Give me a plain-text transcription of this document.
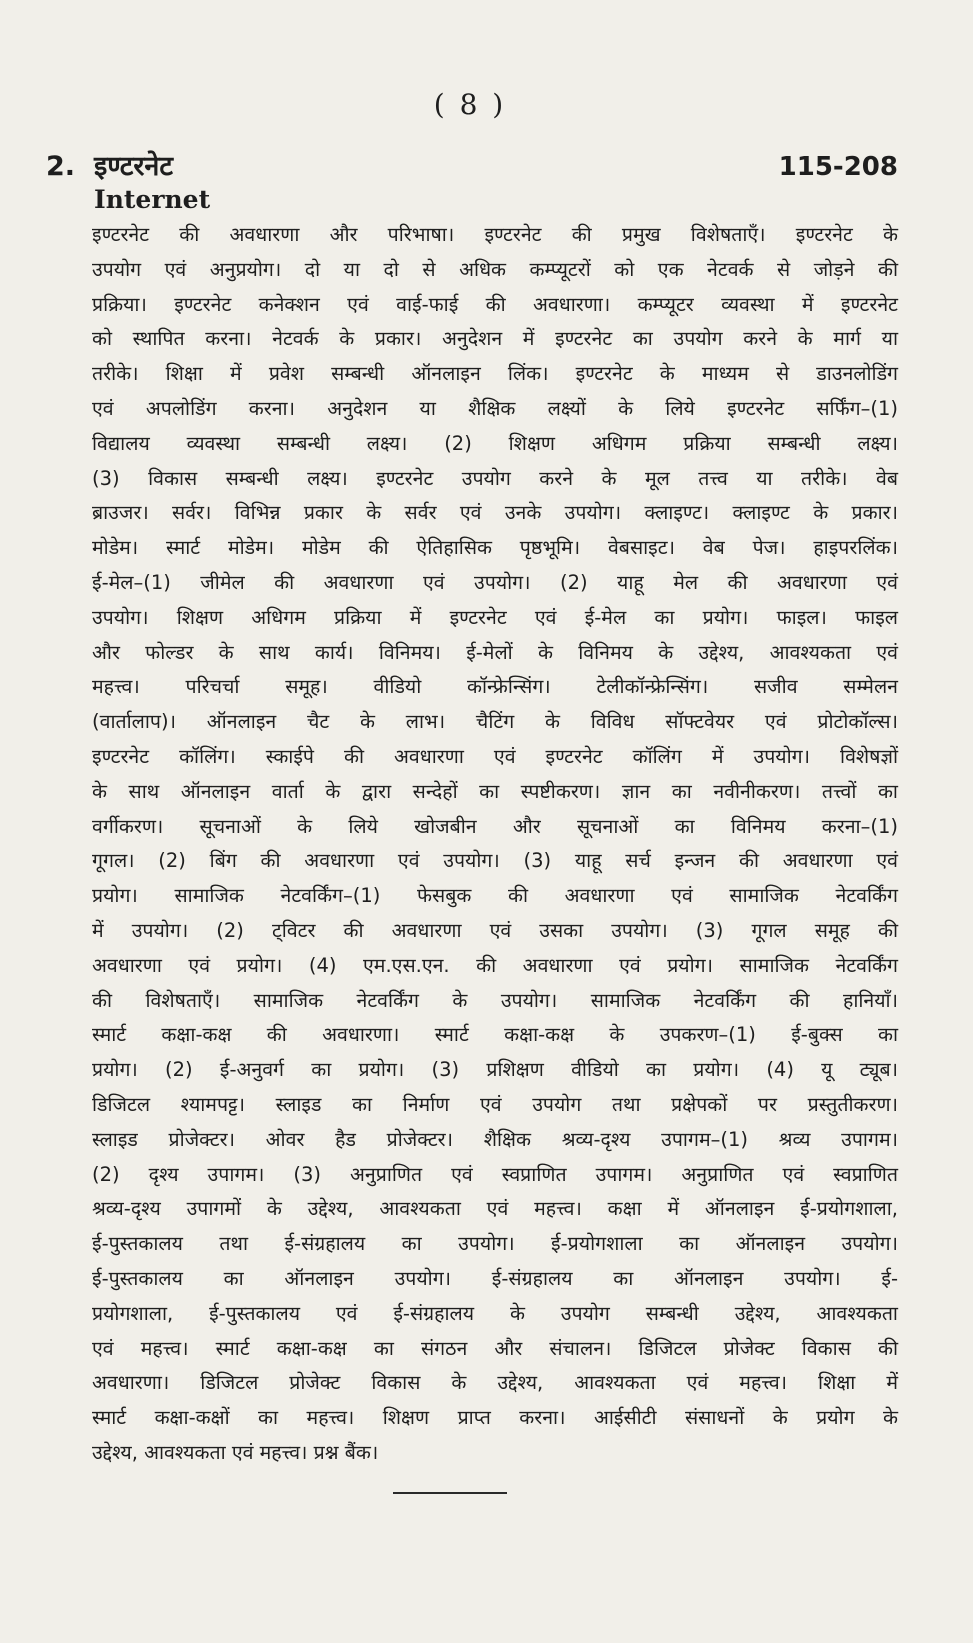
( 8 )
2. इण्टरनेट	115-208
Internet
इण्टरनेट की अवधारणा और परिभाषा। इण्टरनेट की प्रमुख विशेषताएँ। इण्टरनेट के
उपयोग एवं अनुप्रयोग। दो या दो से अधिक कम्प्यूटरों को एक नेटवर्क से जोड़ने की
प्रक्रिया। इण्टरनेट कनेक्शन एवं वाई-फाई की अवधारणा। कम्प्यूटर व्यवस्था में इण्टरनेट
को स्थापित करना। नेटवर्क के प्रकार। अनुदेशन में इण्टरनेट का उपयोग करने के मार्ग या
तरीके। शिक्षा में प्रवेश सम्बन्धी ऑनलाइन लिंक। इण्टरनेट के माध्यम से डाउनलोडिंग
एवं अपलोडिंग करना। अनुदेशन या शैक्षिक लक्ष्यों के लिये इण्टरनेट सर्फिंग–(1)
विद्यालय व्यवस्था सम्बन्धी लक्ष्य। (2) शिक्षण अधिगम प्रक्रिया सम्बन्धी लक्ष्य।
(3) विकास सम्बन्धी लक्ष्य। इण्टरनेट उपयोग करने के मूल तत्त्व या तरीके। वेब
ब्राउजर। सर्वर। विभिन्न प्रकार के सर्वर एवं उनके उपयोग। क्लाइण्ट। क्लाइण्ट के प्रकार।
मोडेम। स्मार्ट मोडेम। मोडेम की ऐतिहासिक पृष्ठभूमि। वेबसाइट। वेब पेज। हाइपरलिंक।
ई-मेल–(1) जीमेल की अवधारणा एवं उपयोग। (2) याहू मेल की अवधारणा एवं
उपयोग। शिक्षण अधिगम प्रक्रिया में इण्टरनेट एवं ई-मेल का प्रयोग। फाइल। फाइल
और फोल्डर के साथ कार्य। विनिमय। ई-मेलों के विनिमय के उद्देश्य, आवश्यकता एवं
महत्त्व। परिचर्चा समूह। वीडियो कॉन्फ्रेन्सिंग। टेलीकॉन्फ्रेन्सिंग। सजीव सम्मेलन
(वार्तालाप)। ऑनलाइन चैट के लाभ। चैटिंग के विविध सॉफ्टवेयर एवं प्रोटोकॉल्स।
इण्टरनेट कॉलिंग। स्काईपे की अवधारणा एवं इण्टरनेट कॉलिंग में उपयोग। विशेषज्ञों
के साथ ऑनलाइन वार्ता के द्वारा सन्देहों का स्पष्टीकरण। ज्ञान का नवीनीकरण। तत्त्वों का
वर्गीकरण। सूचनाओं के लिये खोजबीन और सूचनाओं का विनिमय करना–(1)
गूगल। (2) बिंग की अवधारणा एवं उपयोग। (3) याहू सर्च इन्जन की अवधारणा एवं
प्रयोग। सामाजिक नेटवर्किंग–(1) फेसबुक की अवधारणा एवं सामाजिक नेटवर्किंग
में उपयोग। (2) ट्विटर की अवधारणा एवं उसका उपयोग। (3) गूगल समूह की
अवधारणा एवं प्रयोग। (4) एम.एस.एन. की अवधारणा एवं प्रयोग। सामाजिक नेटवर्किंग
की विशेषताएँ। सामाजिक नेटवर्किंग के उपयोग। सामाजिक नेटवर्किंग की हानियाँ।
स्मार्ट कक्षा-कक्ष की अवधारणा। स्मार्ट कक्षा-कक्ष के उपकरण–(1) ई-बुक्स का
प्रयोग। (2) ई-अनुवर्ग का प्रयोग। (3) प्रशिक्षण वीडियो का प्रयोग। (4) यू ट्यूब।
डिजिटल श्यामपट्ट। स्लाइड का निर्माण एवं उपयोग तथा प्रक्षेपकों पर प्रस्तुतीकरण।
स्लाइड प्रोजेक्टर। ओवर हैड प्रोजेक्टर। शैक्षिक श्रव्य-दृश्य उपागम–(1) श्रव्य उपागम।
(2) दृश्य उपागम। (3) अनुप्राणित एवं स्वप्राणित उपागम। अनुप्राणित एवं स्वप्राणित
श्रव्य-दृश्य उपागमों के उद्देश्य, आवश्यकता एवं महत्त्व। कक्षा में ऑनलाइन ई-प्रयोगशाला,
ई-पुस्तकालय तथा ई-संग्रहालय का उपयोग। ई-प्रयोगशाला का ऑनलाइन उपयोग।
ई-पुस्तकालय का ऑनलाइन उपयोग। ई-संग्रहालय का ऑनलाइन उपयोग। ई-
प्रयोगशाला, ई-पुस्तकालय एवं ई-संग्रहालय के उपयोग सम्बन्धी उद्देश्य, आवश्यकता
एवं महत्त्व। स्मार्ट कक्षा-कक्ष का संगठन और संचालन। डिजिटल प्रोजेक्ट विकास की
अवधारणा। डिजिटल प्रोजेक्ट विकास के उद्देश्य, आवश्यकता एवं महत्त्व। शिक्षा में
स्मार्ट कक्षा-कक्षों का महत्त्व। शिक्षण प्राप्त करना। आईसीटी संसाधनों के प्रयोग के
उद्देश्य, आवश्यकता एवं महत्त्व। प्रश्न बैंक।
